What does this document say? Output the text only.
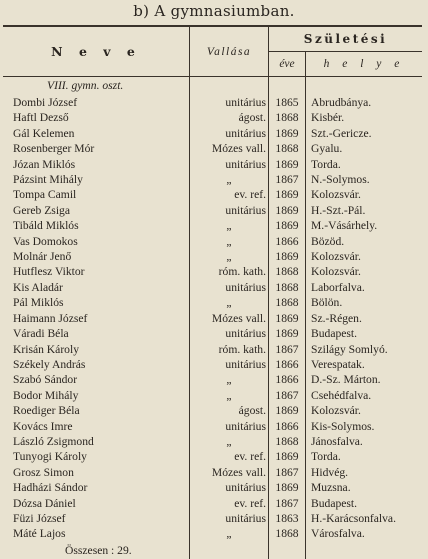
b) A gymnasiumban.
N e v e	Vallása	Születési	
		éve	h e l y e
VIII. gymn. oszt.			
Dombi József	unitárius	1865	Abrudbánya.
Haftl Dezső	ágost.	1868	Kisbér.
Gál Kelemen	unitárius	1869	Szt.-Gericze.
Rosenberger Mór	Mózes vall.	1868	Gyalu.
Józan Miklós	unitárius	1869	Torda.
Pázsint Mihály	„	1867	N.-Solymos.
Tompa Camil	ev. ref.	1869	Kolozsvár.
Gereb Zsiga	unitárius	1869	H.-Szt.-Pál.
Tibáld Miklós	„	1869	M.-Vásárhely.
Vas Domokos	„	1866	Bözöd.
Molnár Jenő	„	1869	Kolozsvár.
Hutflesz Viktor	róm. kath.	1868	Kolozsvár.
Kis Aladár	unitárius	1868	Laborfalva.
Pál Miklós	„	1868	Bölön.
Haimann József	Mózes vall.	1869	Sz.-Régen.
Váradi Béla	unitárius	1869	Budapest.
Krisán Károly	róm. kath.	1867	Szilágy Somlyó.
Székely András	unitárius	1866	Verespatak.
Szabó Sándor	„	1866	D.-Sz. Márton.
Bodor Mihály	„	1867	Csehédfalva.
Roediger Béla	ágost.	1869	Kolozsvár.
Kovács Imre	unitárius	1866	Kis-Solymos.
László Zsigmond	„	1868	Jánosfalva.
Tunyogi Károly	ev. ref.	1869	Torda.
Grosz Simon	Mózes vall.	1867	Hidvég.
Hadházi Sándor	unitárius	1869	Muzsna.
Dózsa Dániel	ev. ref.	1867	Budapest.
Füzi József	unitárius	1863	H.-Karácsonfalva.
Máté Lajos	„	1868	Városfalva.
Összesen : 29.			
